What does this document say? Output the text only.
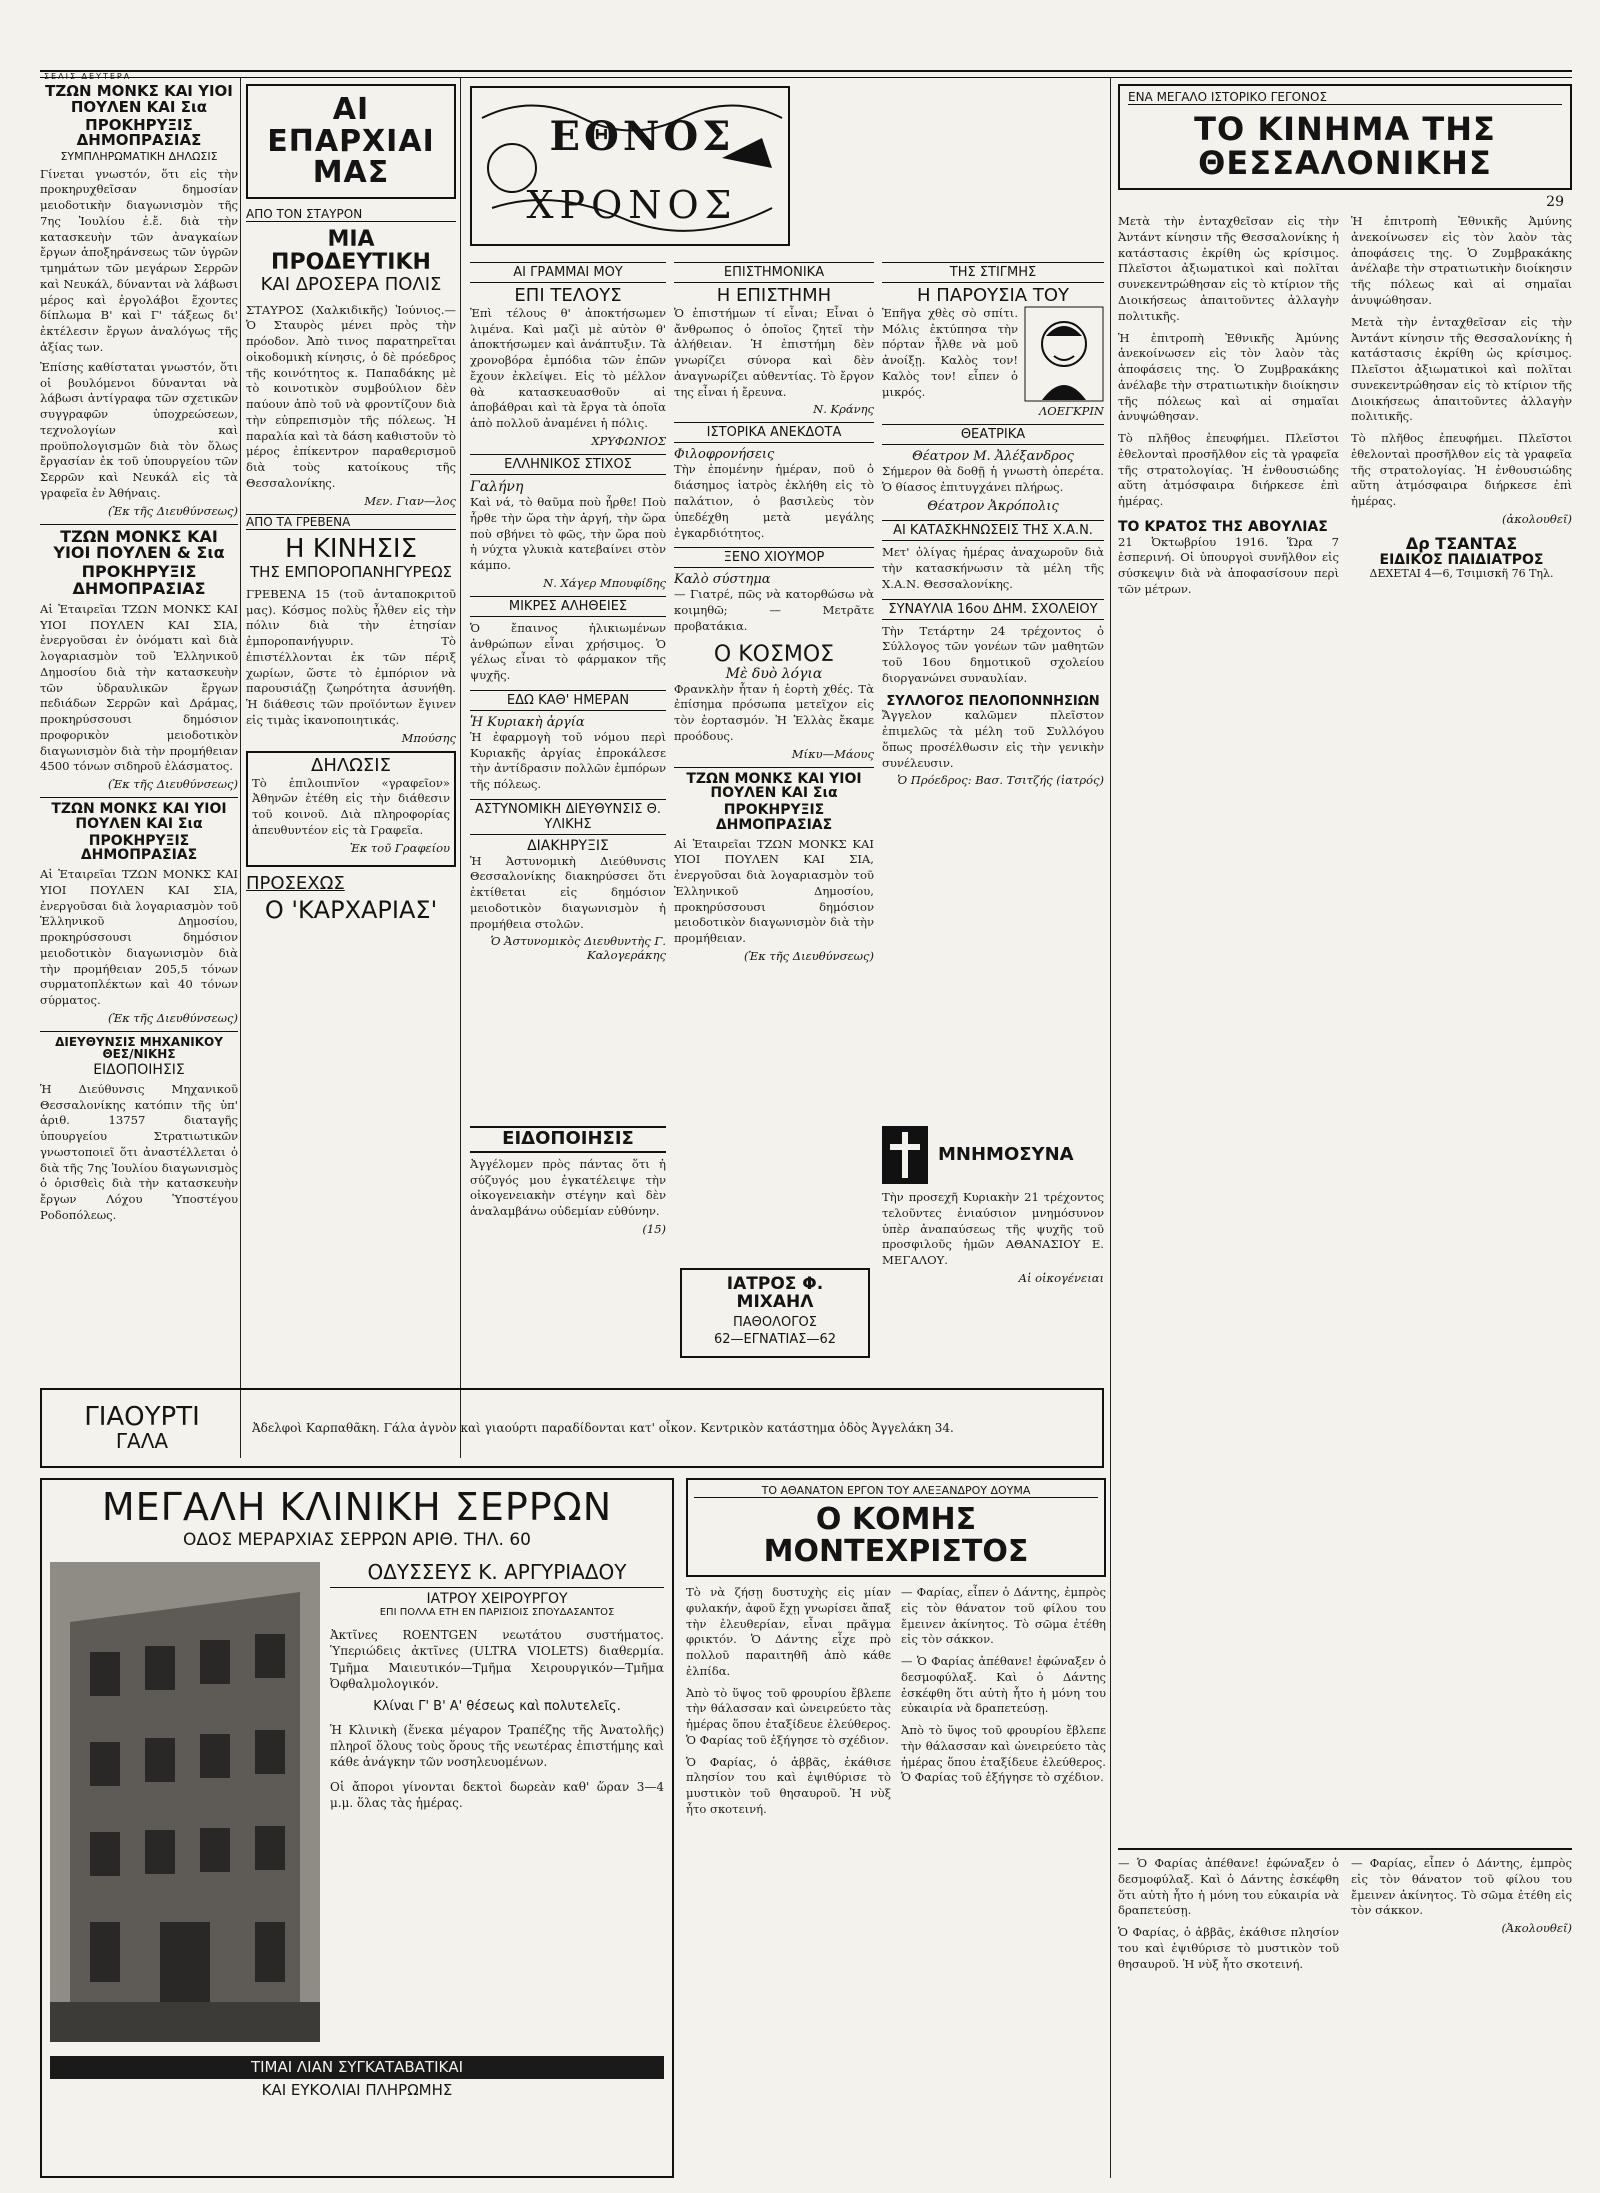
ΣΕΛΙΣ ΔΕΥΤΕΡΑ
ΤΖΩΝ ΜΟΝΚΣ ΚΑΙ ΥΙΟΙ ΠΟΥΛΕΝ ΚΑΙ Σια
ΠΡΟΚΗΡΥΞΙΣ ΔΗΜΟΠΡΑΣΙΑΣ
ΣΥΜΠΛΗΡΩΜΑΤΙΚΗ ΔΗΛΩΣΙΣ
Γίνεται γνωστόν, ὅτι εἰς τὴν προκηρυχθεῖσαν δημοσίαν μειοδοτικὴν διαγωνισμὸν τῆς 7ης Ἰουλίου ἐ.ἔ. διὰ τὴν κατασκευὴν τῶν ἀναγκαίων ἔργων ἀποξηράνσεως τῶν ὑγρῶν τμημάτων τῶν μεγάρων Σερρῶν καὶ Νευκάλ, δύνανται νὰ λάβωσι μέρος καὶ ἐργολάβοι ἔχοντες δίπλωμα Β' καὶ Γ' τάξεως δι' ἐκτέλεσιν ἔργων ἀναλόγως τῆς ἀξίας των.
Ἐπίσης καθίσταται γνωστόν, ὅτι οἱ βουλόμενοι δύνανται νὰ λάβωσι ἀντίγραφα τῶν σχετικῶν συγγραφῶν ὑποχρεώσεων, τεχνολογίων καὶ προϋπολογισμῶν διὰ τὸν ὅλως ἔργασίαν ἐκ τοῦ ὑπουργείου τῶν Σερρῶν καὶ Νευκάλ εἰς τὰ γραφεῖα ἐν Ἀθήναις.
(Ἐκ τῆς Διευθύνσεως)
ΤΖΩΝ ΜΟΝΚΣ ΚΑΙ ΥΙΟΙ ΠΟΥΛΕΝ & Σια
ΠΡΟΚΗΡΥΞΙΣ ΔΗΜΟΠΡΑΣΙΑΣ
Αἱ Ἑταιρεῖαι ΤΖΩΝ ΜΟΝΚΣ ΚΑΙ ΥΙΟΙ ΠΟΥΛΕΝ ΚΑΙ ΣΙΑ, ἐνεργοῦσαι ἐν ὀνόματι καὶ διὰ λογαριασμὸν τοῦ Ἑλληνικοῦ Δημοσίου διὰ τὴν κατασκευὴν τῶν ὑδραυλικῶν ἔργων πεδιάδων Σερρῶν καὶ Δράμας, προκηρύσσουσι δημόσιον προφορικὸν μειοδοτικὸν διαγωνισμὸν διὰ τὴν προμήθειαν 4500 τόνων σιδηροῦ ἐλάσματος.
(Ἐκ τῆς Διευθύνσεως)
ΤΖΩΝ ΜΟΝΚΣ ΚΑΙ ΥΙΟΙ ΠΟΥΛΕΝ ΚΑΙ Σια
ΠΡΟΚΗΡΥΞΙΣ ΔΗΜΟΠΡΑΣΙΑΣ
Αἱ Ἑταιρεῖαι ΤΖΩΝ ΜΟΝΚΣ ΚΑΙ ΥΙΟΙ ΠΟΥΛΕΝ ΚΑΙ ΣΙΑ, ἐνεργοῦσαι διὰ λογαριασμὸν τοῦ Ἑλληνικοῦ Δημοσίου, προκηρύσσουσι δημόσιον μειοδοτικὸν διαγωνισμὸν διὰ τὴν προμήθειαν 205,5 τόνων συρματοπλέκτων καὶ 40 τόνων σύρματος.
(Ἐκ τῆς Διευθύνσεως)
ΔΙΕΥΘΥΝΣΙΣ ΜΗΧΑΝΙΚΟΥ ΘΕΣ/ΝΙΚΗΣ
ΕΙΔΟΠΟΙΗΣΙΣ
Ἡ Διεύθυνσις Μηχανικοῦ Θεσσαλονίκης κατόπιν τῆς ὑπ' ἀριθ. 13757 διαταγῆς ὑπουργείου Στρατιωτικῶν γνωστοποιεῖ ὅτι ἀναστέλλεται ὁ διὰ τῆς 7ης Ἰουλίου διαγωνισμὸς ὁ ὁρισθεὶς διὰ τὴν κατασκευὴν ἔργων Λόχου Ὑποστέγου Ροδοπόλεως.
ΑΙ ΕΠΑΡΧΙΑΙ ΜΑΣ
ΑΠΟ ΤΟΝ ΣΤΑΥΡΟΝ
ΜΙΑ ΠΡΟΔΕΥΤΙΚΗ
ΚΑΙ ΔΡΟΣΕΡΑ ΠΟΛΙΣ
ΣΤΑΥΡΟΣ (Χαλκιδικῆς) Ἰούνιος.— Ὁ Σταυρὸς μένει πρὸς τὴν πρόοδον. Ἀπὸ τινος παρατηρεῖται οἰκοδομικὴ κίνησις, ὁ δὲ πρόεδρος τῆς κοινότητος κ. Παπαδάκης μὲ τὸ κοινοτικὸν συμβούλιον δὲν παύουν ἀπὸ τοῦ νὰ φροντίζουν διὰ τὴν εὐπρεπισμὸν τῆς πόλεως. Ἡ παραλία καὶ τὰ δάση καθιστοῦν τὸ μέρος ἐπίκεντρον παραθερισμοῦ διὰ τοὺς κατοίκους τῆς Θεσσαλονίκης.
Μεν. Γιαν—λος
ΑΠΟ ΤΑ ΓΡΕΒΕΝΑ
Η ΚΙΝΗΣΙΣ
ΤΗΣ ΕΜΠΟΡΟΠΑΝΗΓΥΡΕΩΣ
ΓΡΕΒΕΝΑ 15 (τοῦ ἀνταποκριτοῦ μας). Κόσμος πολὺς ἦλθεν εἰς τὴν πόλιν διὰ τὴν ἐτησίαν ἐμποροπανήγυριν. Τὸ ἐπιστέλλονται ἐκ τῶν πέριξ χωρίων, ὥστε τὸ ἐμπόριον νὰ παρουσιάζῃ ζωηρότητα ἀσυνήθη. Ἡ διάθεσις τῶν προϊόντων ἔγινεν εἰς τιμὰς ἱκανοποιητικάς.
Μπούσης
ΔΗΛΩΣΙΣ
Τὸ ἐπιλοιπνῖον «γραφεῖον» Ἀθηνῶν ἐτέθη εἰς τὴν διάθεσιν τοῦ κοινοῦ. Διὰ πληροφορίας ἀπευθυντέον εἰς τὰ Γραφεῖα.
Ἐκ τοῦ Γραφείου
ΠΡΟΣΕΧΩΣ
Ο 'ΚΑΡΧΑΡΙΑΣ'
ΕΘΝΟΣ
ΧΡΟΝΟΣ
ΑΙ ΓΡΑΜΜΑΙ ΜΟΥ
ΕΠΙ ΤΕΛΟΥΣ
Ἐπὶ τέλους θ' ἀποκτήσωμεν λιμένα. Καὶ μαζὶ μὲ αὐτὸν θ' ἀποκτήσωμεν καὶ ἀνάπτυξιν. Τὰ χρονοβόρα ἐμπόδια τῶν ἐπῶν ἔχουν ἐκλείψει. Εἰς τὸ μέλλον θὰ κατασκευασθοῦν αἱ ἀποβάθραι καὶ τὰ ἔργα τὰ ὁποῖα ἀπὸ πολλοῦ ἀναμένει ἡ πόλις.
ΧΡΥΦΩΝΙΟΣ
ΕΛΛΗΝΙΚΟΣ ΣΤΙΧΟΣ
Γαλήνη
Καὶ νά, τὸ θαῦμα ποὺ ἦρθε! Ποὺ ἦρθε τὴν ὥρα τὴν ἀργή, τὴν ὥρα ποὺ σβήνει τὸ φῶς, τὴν ὥρα ποὺ ἡ νύχτα γλυκιὰ κατεβαίνει στὸν κάμπο.
Ν. Χάγερ Μπουφίδης
ΜΙΚΡΕΣ ΑΛΗΘΕΙΕΣ
Ὁ ἔπαινος ἠλικιωμένων ἀνθρώπων εἶναι χρήσιμος. Ὁ γέλως εἶναι τὸ φάρμακον τῆς ψυχῆς.
ΕΔΩ ΚΑΘ' ΗΜΕΡΑΝ
Ἡ Κυριακὴ ἀργία
Ἡ ἐφαρμογὴ τοῦ νόμου περὶ Κυριακῆς ἀργίας ἐπροκάλεσε τὴν ἀντίδρασιν πολλῶν ἐμπόρων τῆς πόλεως.
ΑΣΤΥΝΟΜΙΚΗ ΔΙΕΥΘΥΝΣΙΣ Θ. ΥΛΙΚΗΣ
ΔΙΑΚΗΡΥΞΙΣ
Ἡ Ἀστυνομικὴ Διεύθυνσις Θεσσαλονίκης διακηρύσσει ὅτι ἐκτίθεται εἰς δημόσιον μειοδοτικὸν διαγωνισμὸν ἡ προμήθεια στολῶν.
Ὁ Ἀστυνομικὸς Διευθυντὴς Γ. Καλογεράκης
ΕΠΙΣΤΗΜΟΝΙΚΑ
Η ΕΠΙΣΤΗΜΗ
Ὁ ἐπιστήμων τί εἶναι; Εἶναι ὁ ἄνθρωπος ὁ ὁποῖος ζητεῖ τὴν ἀλήθειαν. Ἡ ἐπιστήμη δὲν γνωρίζει σύνορα καὶ δὲν ἀναγνωρίζει αὐθεντίας. Τὸ ἔργον της εἶναι ἡ ἔρευνα.
Ν. Κράνης
ΙΣΤΟΡΙΚΑ ΑΝΕΚΔΟΤΑ
Φιλοφρονήσεις
Τὴν ἐπομένην ἡμέραν, ποῦ ὁ διάσημος ἰατρὸς ἐκλήθη εἰς τὸ παλάτιον, ὁ βασιλεὺς τὸν ὑπεδέχθη μετὰ μεγάλης ἐγκαρδιότητος.
ΞΕΝΟ ΧΙΟΥΜΟΡ
Καλὸ σύστημα
— Γιατρέ, πῶς νὰ κατορθώσω νὰ κοιμηθῶ; — Μετρᾶτε προβατάκια.
Ο ΚΟΣΜΟΣ
Μὲ δυὸ λόγια
Φρανκλὴν ἦταν ἡ ἑορτὴ χθές. Τὰ ἐπίσημα πρόσωπα μετεῖχον εἰς τὸν ἑορτασμόν. Ἡ Ἑλλὰς ἔκαμε προόδους.
Μίκυ—Μάους
ΤΖΩΝ ΜΟΝΚΣ ΚΑΙ ΥΙΟΙ ΠΟΥΛΕΝ ΚΑΙ Σια
ΠΡΟΚΗΡΥΞΙΣ ΔΗΜΟΠΡΑΣΙΑΣ
Αἱ Ἑταιρεῖαι ΤΖΩΝ ΜΟΝΚΣ ΚΑΙ ΥΙΟΙ ΠΟΥΛΕΝ ΚΑΙ ΣΙΑ, ἐνεργοῦσαι διὰ λογαριασμὸν τοῦ Ἑλληνικοῦ Δημοσίου, προκηρύσσουσι δημόσιον μειοδοτικὸν διαγωνισμὸν διὰ τὴν προμήθειαν.
(Ἐκ τῆς Διευθύνσεως)
ΤΗΣ ΣΤΙΓΜΗΣ
Η ΠΑΡΟΥΣΙΑ ΤΟΥ
Ἐπῆγα χθὲς σὸ σπίτι. Μόλις ἐκτύπησα τὴν πόρταν ἦλθε νὰ μοῦ ἀνοίξῃ. Καλὸς τον! Καλὸς τον! εἶπεν ὁ μικρός.
ΛΟΕΓΚΡΙΝ
ΘΕΑΤΡΙΚΑ
Θέατρον Μ. Ἀλέξανδρος
Σήμερον θὰ δοθῇ ἡ γνωστὴ ὀπερέτα. Ὁ θίασος ἐπιτυγχάνει πλήρως.
Θέατρον Ἀκρόπολις
ΑΙ ΚΑΤΑΣΚΗΝΩΣΕΙΣ ΤΗΣ Χ.Α.Ν.
Μετ' ὀλίγας ἡμέρας ἀναχωροῦν διὰ τὴν κατασκήνωσιν τὰ μέλη τῆς Χ.Α.Ν. Θεσσαλονίκης.
ΣΥΝΑΥΛΙΑ 16ου ΔΗΜ. ΣΧΟΛΕΙΟΥ
Τὴν Τετάρτην 24 τρέχοντος ὁ Σύλλογος τῶν γονέων τῶν μαθητῶν τοῦ 16ου δημοτικοῦ σχολείου διοργανώνει συναυλίαν.
ΣΥΛΛΟΓΟΣ ΠΕΛΟΠΟΝΝΗΣΙΩΝ
Ἄγγελον καλῶμεν πλεῖστον ἐπιμελῶς τὰ μέλη τοῦ Συλλόγου ὅπως προσέλθωσιν εἰς τὴν γενικὴν συνέλευσιν.
Ὁ Πρόεδρος: Βασ. Τσιτζής (ἰατρός)
ΜΝΗΜΟΣΥΝΑ
Τὴν προσεχῆ Κυριακὴν 21 τρέχοντος τελοῦντες ἐνιαύσιον μνημόσυνον ὑπὲρ ἀναπαύσεως τῆς ψυχῆς τοῦ προσφιλοῦς ἡμῶν ΑΘΑΝΑΣΙΟΥ Ε. ΜΕΓΑΛΟΥ.
Αἱ οἰκογένειαι
ΕΙΔΟΠΟΙΗΣΙΣ
Ἀγγέλομεν πρὸς πάντας ὅτι ἡ σύζυγός μου ἐγκατέλειψε τὴν οἰκογενειακὴν στέγην καὶ δὲν ἀναλαμβάνω οὐδεμίαν εὐθύνην.
(15)
ΙΑΤΡΟΣ Φ. ΜΙΧΑΗΛ
ΠΑΘΟΛΟΓΟΣ
62—ΕΓΝΑΤΙΑΣ—62
ΕΝΑ ΜΕΓΑΛΟ ΙΣΤΟΡΙΚΟ ΓΕΓΟΝΟΣ
ΤΟ ΚΙΝΗΜΑ ΤΗΣ ΘΕΣΣΑΛΟΝΙΚΗΣ
29
Μετὰ τὴν ἐνταχθεῖσαν εἰς τὴν Ἀντάντ κίνησιν τῆς Θεσσαλονίκης ἡ κατάστασις ἐκρίθη ὡς κρίσιμος. Πλεῖστοι ἀξιωματικοὶ καὶ πολῖται συνεκεντρώθησαν εἰς τὸ κτίριον τῆς Διοικήσεως ἀπαιτοῦντες ἀλλαγὴν πολιτικῆς.
Ἡ ἐπιτροπὴ Ἐθνικῆς Ἀμύνης ἀνεκοίνωσεν εἰς τὸν λαὸν τὰς ἀποφάσεις της. Ὁ Ζυμβρακάκης ἀνέλαβε τὴν στρατιωτικὴν διοίκησιν τῆς πόλεως καὶ αἱ σημαῖαι ἀνυψώθησαν.
Τὸ πλῆθος ἐπευφήμει. Πλεῖστοι ἐθελονταὶ προσῆλθον εἰς τὰ γραφεῖα τῆς στρατολογίας. Ἡ ἐνθουσιώδης αὕτη ἀτμόσφαιρα διήρκεσε ἐπὶ ἡμέρας.
ΤΟ ΚΡΑΤΟΣ ΤΗΣ ΑΒΟΥΛΙΑΣ
21 Ὀκτωβρίου 1916. Ὥρα 7 ἑσπερινή. Οἱ ὑπουργοὶ συνῆλθον εἰς σύσκεψιν διὰ νὰ ἀποφασίσουν περὶ τῶν μέτρων.
Ἡ ἐπιτροπὴ Ἐθνικῆς Ἀμύνης ἀνεκοίνωσεν εἰς τὸν λαὸν τὰς ἀποφάσεις της. Ὁ Ζυμβρακάκης ἀνέλαβε τὴν στρατιωτικὴν διοίκησιν τῆς πόλεως καὶ αἱ σημαῖαι ἀνυψώθησαν.
Μετὰ τὴν ἐνταχθεῖσαν εἰς τὴν Ἀντάντ κίνησιν τῆς Θεσσαλονίκης ἡ κατάστασις ἐκρίθη ὡς κρίσιμος. Πλεῖστοι ἀξιωματικοὶ καὶ πολῖται συνεκεντρώθησαν εἰς τὸ κτίριον τῆς Διοικήσεως ἀπαιτοῦντες ἀλλαγὴν πολιτικῆς.
Τὸ πλῆθος ἐπευφήμει. Πλεῖστοι ἐθελονταὶ προσῆλθον εἰς τὰ γραφεῖα τῆς στρατολογίας. Ἡ ἐνθουσιώδης αὕτη ἀτμόσφαιρα διήρκεσε ἐπὶ ἡμέρας.
(ἀκολουθεῖ)
Δρ ΤΣΑΝΤΑΣ
ΕΙΔΙΚΟΣ ΠΑΙΔΙΑΤΡΟΣ
ΔΕΧΕΤΑΙ 4—6, Τσιμισκῆ 76 Τηλ.
ΓΙΑΟΥΡΤΙ
ΓΑΛΑ
Ἀδελφοὶ Καρπαθᾶκη. Γάλα ἀγνὸν καὶ γιαούρτι παραδίδονται κατ' οἶκον. Κεντρικὸν κατάστημα ὁδὸς Ἀγγελάκη 34.
ΜΕΓΑΛΗ ΚΛΙΝΙΚΗ ΣΕΡΡΩΝ
ΟΔΟΣ ΜΕΡΑΡΧΙΑΣ ΣΕΡΡΩΝ ΑΡΙΘ. ΤΗΛ. 60
ΟΔΥΣΣΕΥΣ Κ. ΑΡΓΥΡΙΑΔΟΥ
ΙΑΤΡΟΥ ΧΕΙΡΟΥΡΓΟΥ
ΕΠΙ ΠΟΛΛΑ ΕΤΗ ΕΝ ΠΑΡΙΣΙΟΙΣ ΣΠΟΥΔΑΣΑΝΤΟΣ
Ἀκτῖνες ROENTGEN νεωτάτου συστήματος. Ὑπεριώδεις ἀκτῖνες (ULTRA VIOLETS) διαθερμία. Τμῆμα Μαιευτικόν—Τμῆμα Χειρουργικόν—Τμῆμα Ὀφθαλμολογικόν.
Κλίναι Γ' Β' Α' θέσεως καὶ πολυτελεῖς.
Ἡ Κλινικὴ (ἕνεκα μέγαρον Τραπέζης τῆς Ἀνατολῆς) πληροῖ ὅλους τοὺς ὅρους τῆς νεωτέρας ἐπιστήμης καὶ κάθε ἀνάγκην τῶν νοσηλευομένων.
Οἱ ἄποροι γίνονται δεκτοὶ δωρεὰν καθ' ὥραν 3—4 μ.μ. ὅλας τὰς ἡμέρας.
ΤΙΜΑΙ ΛΙΑΝ ΣΥΓΚΑΤΑΒΑΤΙΚΑΙ
ΚΑΙ ΕΥΚΟΛΙΑΙ ΠΛΗΡΩΜΗΣ
ΤΟ ΑΘΑΝΑΤΟΝ ΕΡΓΟΝ ΤΟΥ ΑΛΕΞΑΝΔΡΟΥ ΔΟΥΜΑ
Ο ΚΟΜΗΣ ΜΟΝΤΕΧΡΙΣΤΟΣ
Τὸ νὰ ζήσῃ δυστυχὴς εἰς μίαν φυλακήν, ἀφοῦ ἔχῃ γνωρίσει ἄπαξ τὴν ἐλευθερίαν, εἶναι πρᾶγμα φρικτόν. Ὁ Δάντης εἶχε πρὸ πολλοῦ παραιτηθῆ ἀπὸ κάθε ἐλπίδα.
Ἀπὸ τὸ ὕψος τοῦ φρουρίου ἔβλεπε τὴν θάλασσαν καὶ ὠνειρεύετο τὰς ἡμέρας ὅπου ἐταξίδευε ἐλεύθερος. Ὁ Φαρίας τοῦ ἐξήγησε τὸ σχέδιον.
Ὁ Φαρίας, ὁ ἀββᾶς, ἐκάθισε πλησίον του καὶ ἐψιθύρισε τὸ μυστικὸν τοῦ θησαυροῦ. Ἡ νὺξ ἦτο σκοτεινή.
— Φαρίας, εἶπεν ὁ Δάντης, ἐμπρὸς εἰς τὸν θάνατον τοῦ φίλου του ἔμεινεν ἀκίνητος. Τὸ σῶμα ἐτέθη εἰς τὸν σάκκον.
— Ὁ Φαρίας ἀπέθανε! ἐφώναξεν ὁ δεσμοφύλαξ. Καὶ ὁ Δάντης ἐσκέφθη ὅτι αὐτὴ ἦτο ἡ μόνη του εὐκαιρία νὰ δραπετεύσῃ.
Ἀπὸ τὸ ὕψος τοῦ φρουρίου ἔβλεπε τὴν θάλασσαν καὶ ὠνειρεύετο τὰς ἡμέρας ὅπου ἐταξίδευε ἐλεύθερος. Ὁ Φαρίας τοῦ ἐξήγησε τὸ σχέδιον.
— Ὁ Φαρίας ἀπέθανε! ἐφώναξεν ὁ δεσμοφύλαξ. Καὶ ὁ Δάντης ἐσκέφθη ὅτι αὐτὴ ἦτο ἡ μόνη του εὐκαιρία νὰ δραπετεύσῃ.
Ὁ Φαρίας, ὁ ἀββᾶς, ἐκάθισε πλησίον του καὶ ἐψιθύρισε τὸ μυστικὸν τοῦ θησαυροῦ. Ἡ νὺξ ἦτο σκοτεινή.
— Φαρίας, εἶπεν ὁ Δάντης, ἐμπρὸς εἰς τὸν θάνατον τοῦ φίλου του ἔμεινεν ἀκίνητος. Τὸ σῶμα ἐτέθη εἰς τὸν σάκκον.
(Ἀκολουθεῖ)
